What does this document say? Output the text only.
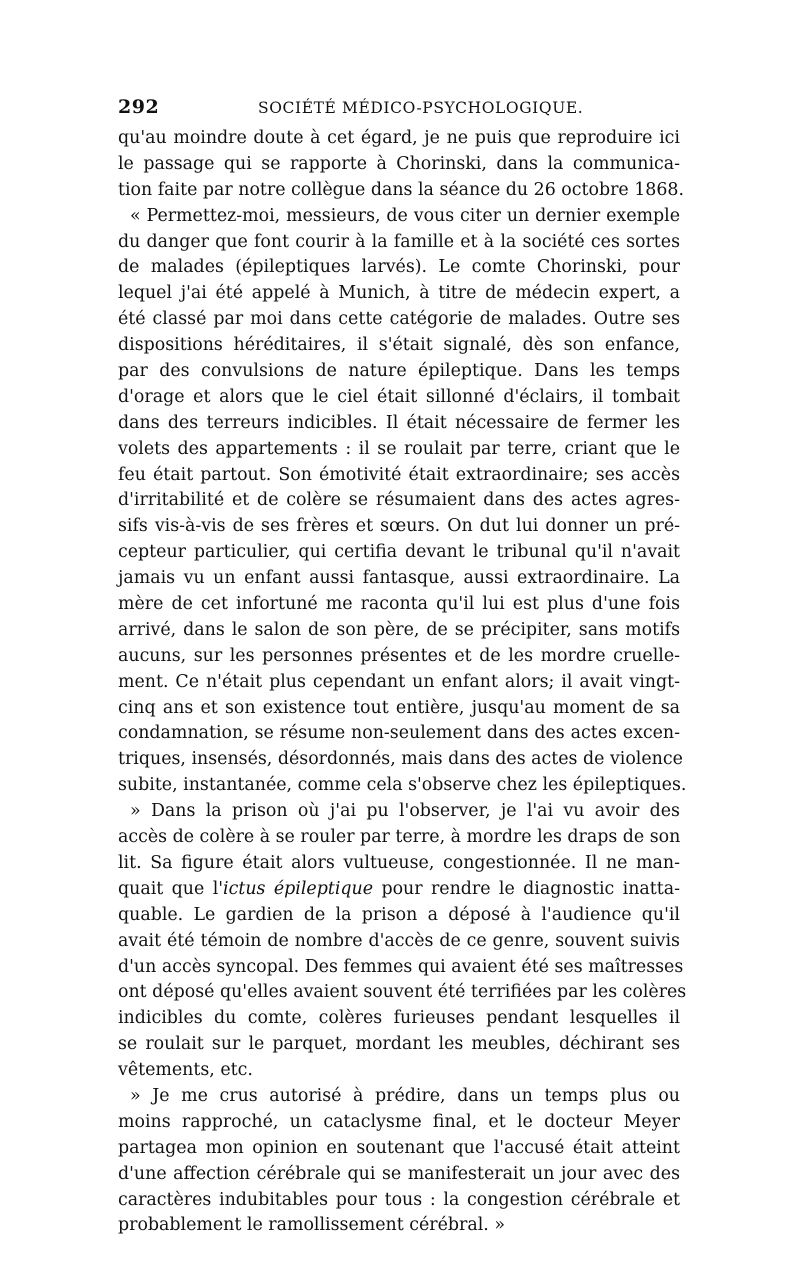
292	SOCIÉTÉ MÉDICO-PSYCHOLOGIQUE.
qu'au moindre doute à cet égard, je ne puis que reproduire ici
le passage qui se rapporte à Chorinski, dans la communica-
tion faite par notre collègue dans la séance du 26 octobre 1868.
« Permettez-moi, messieurs, de vous citer un dernier exemple
du danger que font courir à la famille et à la société ces sortes
de malades (épileptiques larvés). Le comte Chorinski, pour
lequel j'ai été appelé à Munich, à titre de médecin expert, a
été classé par moi dans cette catégorie de malades. Outre ses
dispositions héréditaires, il s'était signalé, dès son enfance,
par des convulsions de nature épileptique. Dans les temps
d'orage et alors que le ciel était sillonné d'éclairs, il tombait
dans des terreurs indicibles. Il était nécessaire de fermer les
volets des appartements : il se roulait par terre, criant que le
feu était partout. Son émotivité était extraordinaire; ses accès
d'irritabilité et de colère se résumaient dans des actes agres-
sifs vis-à-vis de ses frères et sœurs. On dut lui donner un pré-
cepteur particulier, qui certifia devant le tribunal qu'il n'avait
jamais vu un enfant aussi fantasque, aussi extraordinaire. La
mère de cet infortuné me raconta qu'il lui est plus d'une fois
arrivé, dans le salon de son père, de se précipiter, sans motifs
aucuns, sur les personnes présentes et de les mordre cruelle-
ment. Ce n'était plus cependant un enfant alors; il avait vingt-
cinq ans et son existence tout entière, jusqu'au moment de sa
condamnation, se résume non-seulement dans des actes excen-
triques, insensés, désordonnés, mais dans des actes de violence
subite, instantanée, comme cela s'observe chez les épileptiques.
» Dans la prison où j'ai pu l'observer, je l'ai vu avoir des
accès de colère à se rouler par terre, à mordre les draps de son
lit. Sa figure était alors vultueuse, congestionnée. Il ne man-
quait que l'ictus épileptique pour rendre le diagnostic inatta-
quable. Le gardien de la prison a déposé à l'audience qu'il
avait été témoin de nombre d'accès de ce genre, souvent suivis
d'un accès syncopal. Des femmes qui avaient été ses maîtresses
ont déposé qu'elles avaient souvent été terrifiées par les colères
indicibles du comte, colères furieuses pendant lesquelles il
se roulait sur le parquet, mordant les meubles, déchirant ses
vêtements, etc.
» Je me crus autorisé à prédire, dans un temps plus ou
moins rapproché, un cataclysme final, et le docteur Meyer
partagea mon opinion en soutenant que l'accusé était atteint
d'une affection cérébrale qui se manifesterait un jour avec des
caractères indubitables pour tous : la congestion cérébrale et
probablement le ramollissement cérébral. »
